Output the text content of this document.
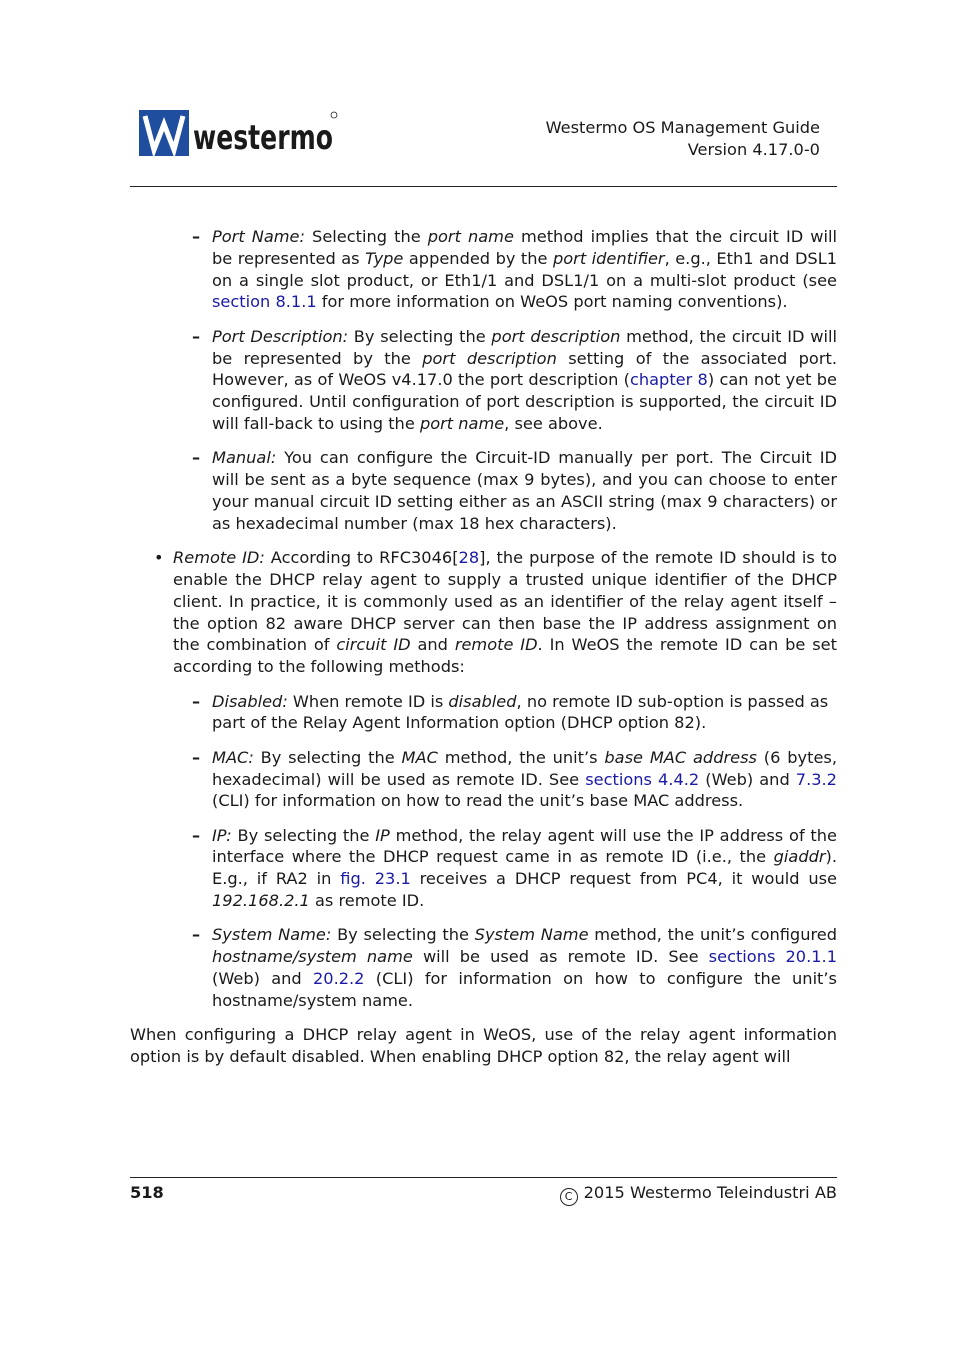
westermo	Westermo OS Management Guide
Version 4.17.0-0
– Port Name: Selecting the port name method implies that the circuit ID will be represented as Type appended by the port identifier, e.g., Eth1 and DSL1 on a single slot product, or Eth1/1 and DSL1/1 on a multi-slot product (see section 8.1.1 for more information on WeOS port naming conventions).

– Port Description: By selecting the port description method, the circuit ID will be represented by the port description setting of the associated port. However, as of WeOS v4.17.0 the port description (chapter 8) can not yet be configured. Until configuration of port description is supported, the circuit ID will fall-back to using the port name, see above.

– Manual: You can configure the Circuit-ID manually per port. The Circuit ID will be sent as a byte sequence (max 9 bytes), and you can choose to enter your manual circuit ID setting either as an ASCII string (max 9 characters) or as hexadecimal number (max 18 hex characters).

• Remote ID: According to RFC3046[28], the purpose of the remote ID should is to enable the DHCP relay agent to supply a trusted unique identifier of the DHCP client. In practice, it is commonly used as an identifier of the relay agent itself – the option 82 aware DHCP server can then base the IP address assignment on the combination of circuit ID and remote ID. In WeOS the remote ID can be set according to the following methods:

– Disabled: When remote ID is disabled, no remote ID sub-option is passed as part of the Relay Agent Information option (DHCP option 82).

– MAC: By selecting the MAC method, the unit’s base MAC address (6 bytes, hexadecimal) will be used as remote ID. See sections 4.4.2 (Web) and 7.3.2 (CLI) for information on how to read the unit’s base MAC address.

– IP: By selecting the IP method, the relay agent will use the IP address of the interface where the DHCP request came in as remote ID (i.e., the giaddr). E.g., if RA2 in fig. 23.1 receives a DHCP request from PC4, it would use 192.168.2.1 as remote ID.

– System Name: By selecting the System Name method, the unit’s configured hostname/system name will be used as remote ID. See sections 20.1.1 (Web) and 20.2.2 (CLI) for information on how to configure the unit’s hostname/system name.

When configuring a DHCP relay agent in WeOS, use of the relay agent information option is by default disabled. When enabling DHCP option 82, the relay agent will

518	C 2015 Westermo Teleindustri AB
